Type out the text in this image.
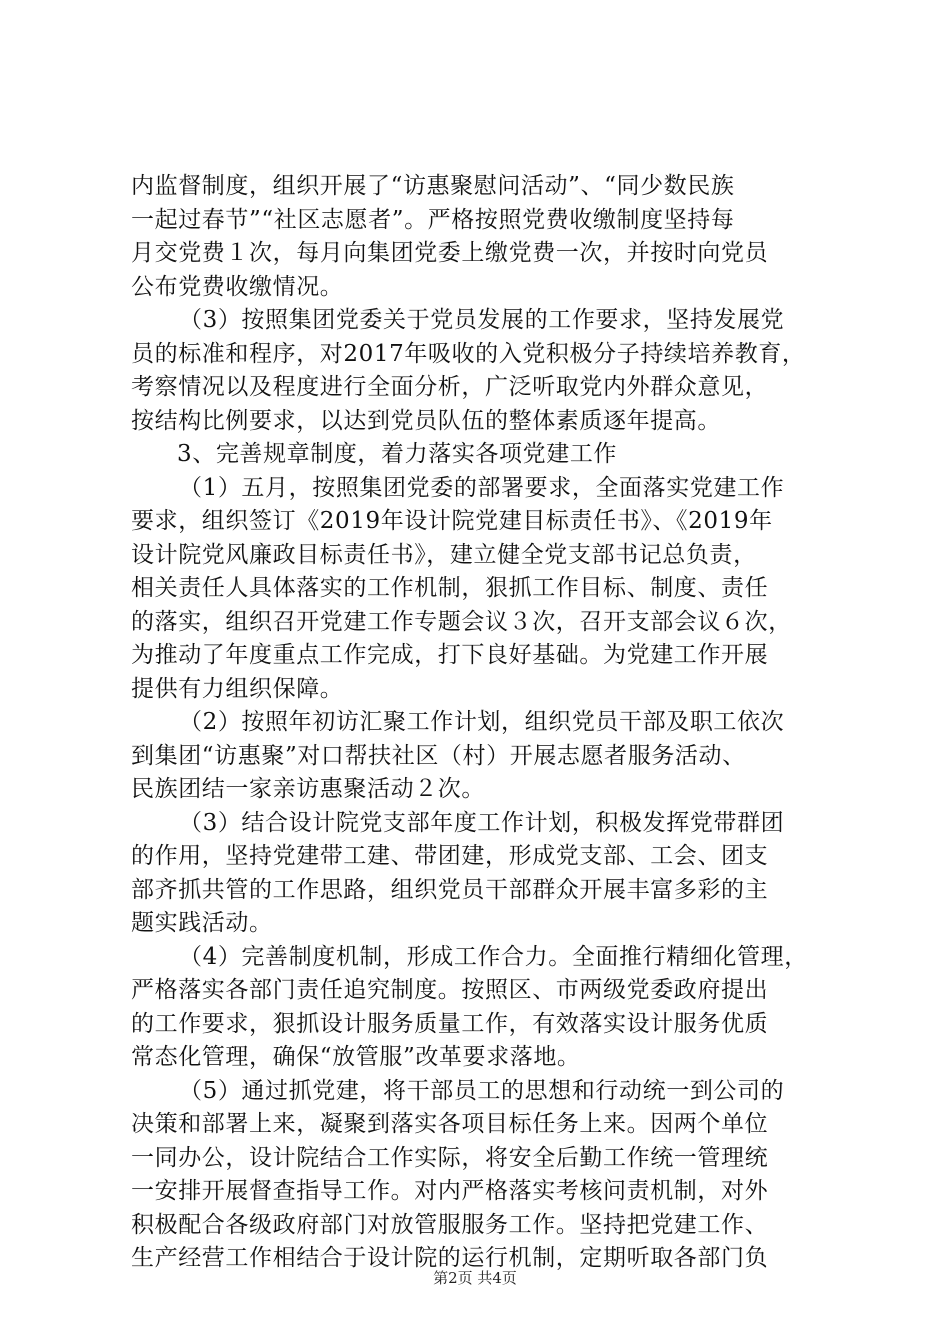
内监督制度，组织开展了“访惠聚慰问活动”、“同少数民族
一起过春节”“社区志愿者”。严格按照党费收缴制度坚持每
月交党费１次，每月向集团党委上缴党费一次，并按时向党员
公布党费收缴情况。
（3）按照集团党委关于党员发展的工作要求，坚持发展党
员的标准和程序，对2017年吸收的入党积极分子持续培养教育，
考察情况以及程度进行全面分析，广泛听取党内外群众意见，
按结构比例要求，以达到党员队伍的整体素质逐年提高。
3、完善规章制度，着力落实各项党建工作
（1）五月，按照集团党委的部署要求，全面落实党建工作
要求，组织签订《2019年设计院党建目标责任书》、《2019年
设计院党风廉政目标责任书》，建立健全党支部书记总负责，
相关责任人具体落实的工作机制，狠抓工作目标、制度、责任
的落实，组织召开党建工作专题会议３次，召开支部会议６次，
为推动了年度重点工作完成，打下良好基础。为党建工作开展
提供有力组织保障。
（2）按照年初访汇聚工作计划，组织党员干部及职工依次
到集团“访惠聚”对口帮扶社区（村）开展志愿者服务活动、
民族团结一家亲访惠聚活动２次。
（3）结合设计院党支部年度工作计划，积极发挥党带群团
的作用，坚持党建带工建、带团建，形成党支部、工会、团支
部齐抓共管的工作思路，组织党员干部群众开展丰富多彩的主
题实践活动。
（4）完善制度机制，形成工作合力。全面推行精细化管理，
严格落实各部门责任追究制度。按照区、市两级党委政府提出
的工作要求，狠抓设计服务质量工作，有效落实设计服务优质
常态化管理，确保“放管服”改革要求落地。
（5）通过抓党建，将干部员工的思想和行动统一到公司的
决策和部署上来，凝聚到落实各项目标任务上来。因两个单位
一同办公，设计院结合工作实际，将安全后勤工作统一管理统
一安排开展督查指导工作。对内严格落实考核问责机制，对外
积极配合各级政府部门对放管服服务工作。坚持把党建工作、
生产经营工作相结合于设计院的运行机制，定期听取各部门负
第2页 共4页
